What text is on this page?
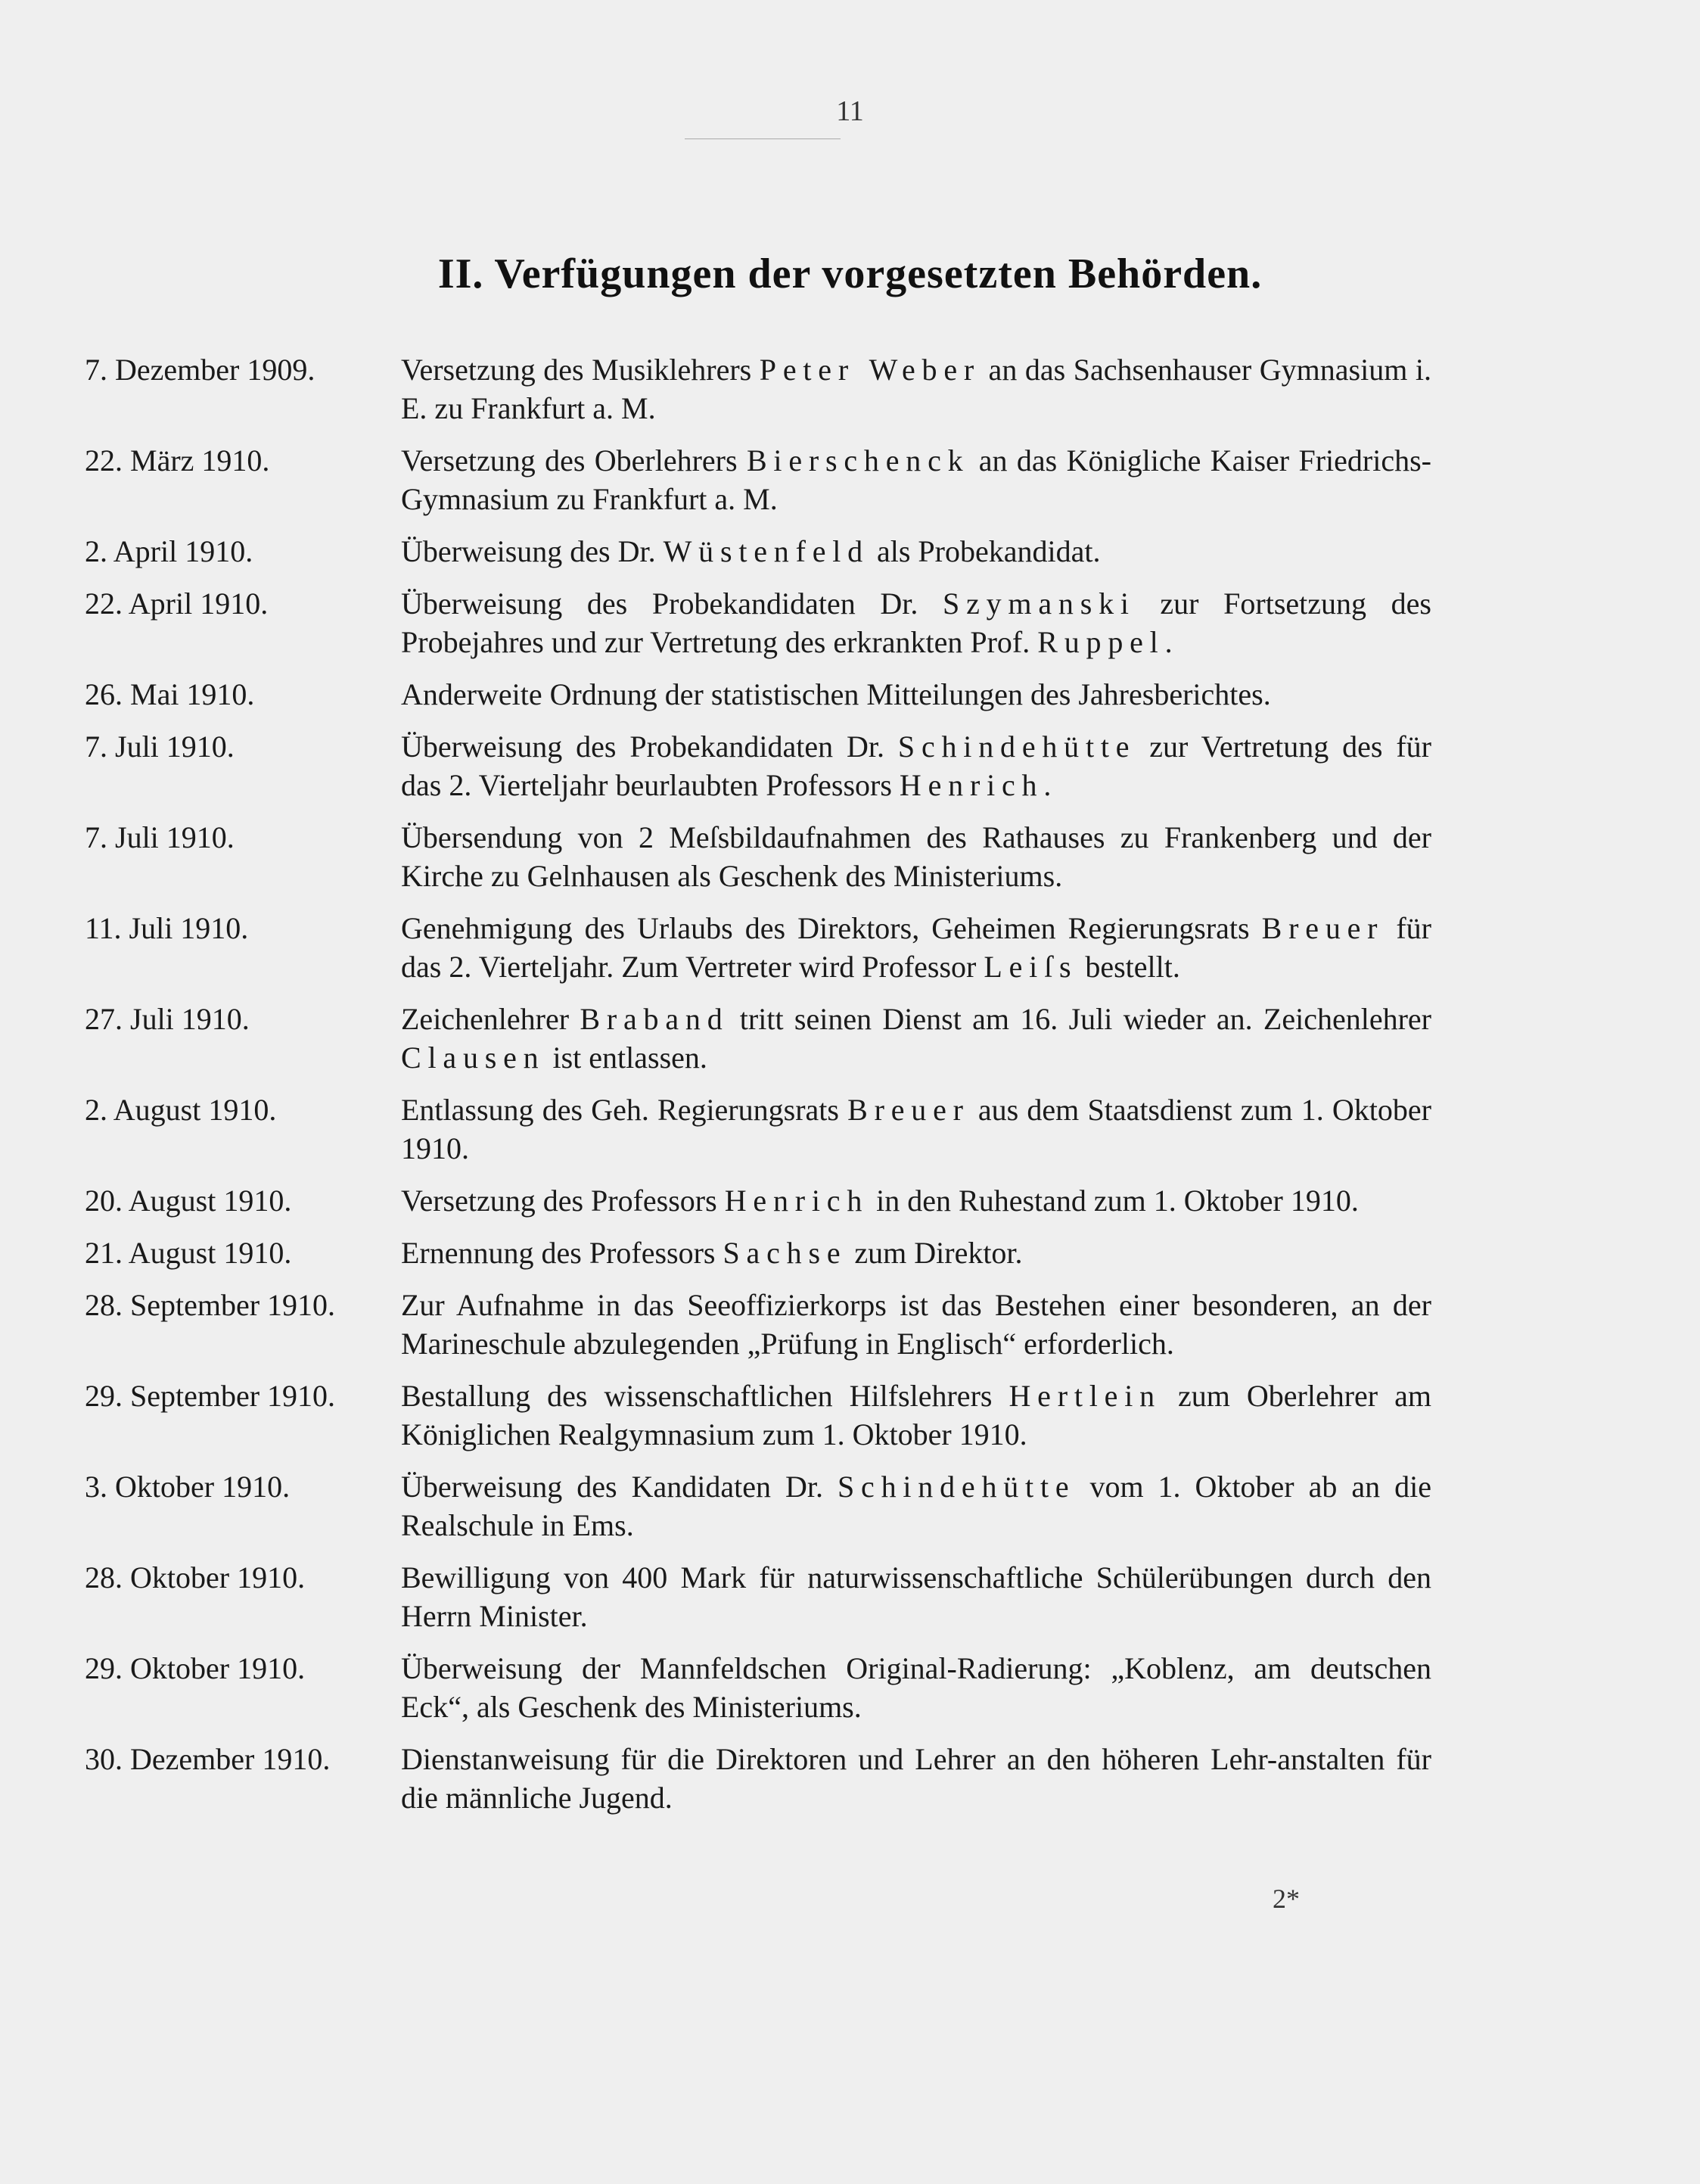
11
II. Verfügungen der vorgesetzten Behörden.
7. Dezember 1909.	Versetzung des Musiklehrers Peter Weber an das Sachsenhauser Gymnasium i. E. zu Frankfurt a. M.
22. März 1910.	Versetzung des Oberlehrers Bierschenck an das Königliche Kaiser Friedrichs-Gymnasium zu Frankfurt a. M.
2. April 1910.	Überweisung des Dr. Wüstenfeld als Probekandidat.
22. April 1910.	Überweisung des Probekandidaten Dr. Szymanski zur Fortsetzung des Probejahres und zur Vertretung des erkrankten Prof. Ruppel.
26. Mai 1910.	Anderweite Ordnung der statistischen Mitteilungen des Jahresberichtes.
7. Juli 1910.	Überweisung des Probekandidaten Dr. Schindehütte zur Vertretung des für das 2. Vierteljahr beurlaubten Professors Henrich.
7. Juli 1910.	Übersendung von 2 Meſsbildaufnahmen des Rathauses zu Frankenberg und der Kirche zu Gelnhausen als Geschenk des Ministeriums.
11. Juli 1910.	Genehmigung des Urlaubs des Direktors, Geheimen Regierungsrats Breuer für das 2. Vierteljahr. Zum Vertreter wird Professor Leiſs bestellt.
27. Juli 1910.	Zeichenlehrer Braband tritt seinen Dienst am 16. Juli wieder an. Zeichenlehrer Clausen ist entlassen.
2. August 1910.	Entlassung des Geh. Regierungsrats Breuer aus dem Staatsdienst zum 1. Oktober 1910.
20. August 1910.	Versetzung des Professors Henrich in den Ruhestand zum 1. Oktober 1910.
21. August 1910.	Ernennung des Professors Sachse zum Direktor.
28. September 1910.	Zur Aufnahme in das Seeoffizierkorps ist das Bestehen einer besonderen, an der Marineschule abzulegenden „Prüfung in Englisch“ erforderlich.
29. September 1910.	Bestallung des wissenschaftlichen Hilfslehrers Hertlein zum Oberlehrer am Königlichen Realgymnasium zum 1. Oktober 1910.
3. Oktober 1910.	Überweisung des Kandidaten Dr. Schindehütte vom 1. Oktober ab an die Realschule in Ems.
28. Oktober 1910.	Bewilligung von 400 Mark für naturwissenschaftliche Schülerübungen durch den Herrn Minister.
29. Oktober 1910.	Überweisung der Mannfeldschen Original-Radierung: „Koblenz, am deutschen Eck“, als Geschenk des Ministeriums.
30. Dezember 1910.	Dienstanweisung für die Direktoren und Lehrer an den höheren Lehr-anstalten für die männliche Jugend.
2*
